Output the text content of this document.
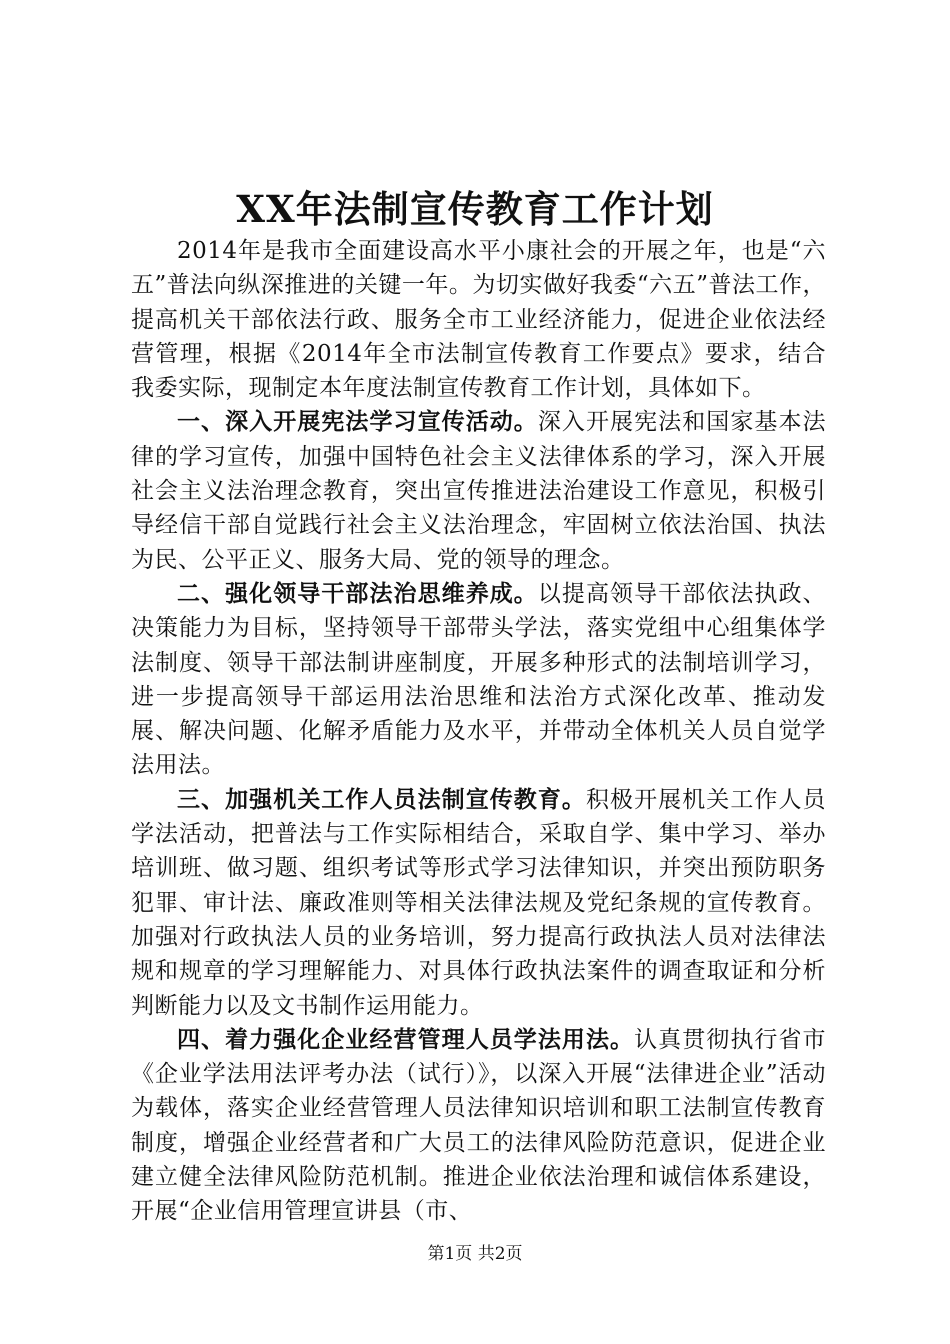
XX年法制宣传教育工作计划

2014年是我市全面建设高水平小康社会的开展之年，也是“六五”普法向纵深推进的关键一年。为切实做好我委“六五”普法工作，提高机关干部依法行政、服务全市工业经济能力，促进企业依法经营管理，根据《2014年全市法制宣传教育工作要点》要求，结合我委实际，现制定本年度法制宣传教育工作计划，具体如下。

一、深入开展宪法学习宣传活动。深入开展宪法和国家基本法律的学习宣传，加强中国特色社会主义法律体系的学习，深入开展社会主义法治理念教育，突出宣传推进法治建设工作意见，积极引导经信干部自觉践行社会主义法治理念，牢固树立依法治国、执法为民、公平正义、服务大局、党的领导的理念。

二、强化领导干部法治思维养成。以提高领导干部依法执政、决策能力为目标，坚持领导干部带头学法，落实党组中心组集体学法制度、领导干部法制讲座制度，开展多种形式的法制培训学习，进一步提高领导干部运用法治思维和法治方式深化改革、推动发展、解决问题、化解矛盾能力及水平，并带动全体机关人员自觉学法用法。

三、加强机关工作人员法制宣传教育。积极开展机关工作人员学法活动，把普法与工作实际相结合，采取自学、集中学习、举办培训班、做习题、组织考试等形式学习法律知识，并突出预防职务犯罪、审计法、廉政准则等相关法律法规及党纪条规的宣传教育。加强对行政执法人员的业务培训，努力提高行政执法人员对法律法规和规章的学习理解能力、对具体行政执法案件的调查取证和分析判断能力以及文书制作运用能力。

四、着力强化企业经营管理人员学法用法。认真贯彻执行省市《企业学法用法评考办法（试行）》，以深入开展“法律进企业”活动为载体，落实企业经营管理人员法律知识培训和职工法制宣传教育制度，增强企业经营者和广大员工的法律风险防范意识，促进企业建立健全法律风险防范机制。推进企业依法治理和诚信体系建设，开展“企业信用管理宣讲县（市、

第1页 共2页
